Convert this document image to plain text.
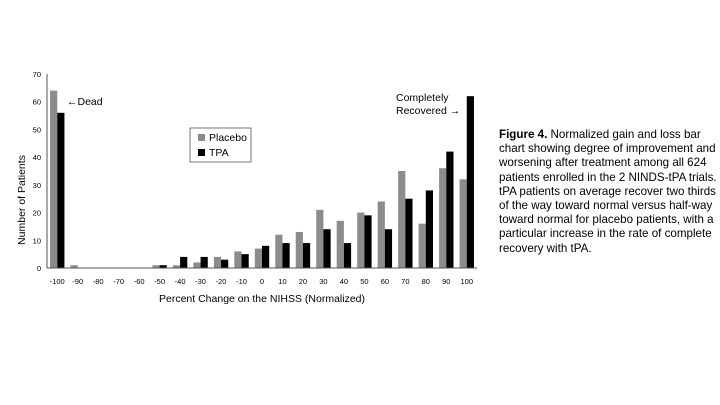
0
10
20
30
40
50
60
70
-100 -90 -80 -70 -60 -50 -40 -30 -20 -10 0 10 20 30 40 50 60 70 80 90 100
Number of Patients
Percent Change on the NIHSS (Normalized)
Placebo
TPA
←Dead	Completely
Recovered →
Figure 4. Normalized gain and loss bar chart showing degree of improvement and worsening after treatment among all 624 patients enrolled in the 2 NINDS-tPA trials. tPA patients on average recover two thirds of the way toward normal versus half-way toward normal for placebo patients, with a particular increase in the rate of complete recovery with tPA.
